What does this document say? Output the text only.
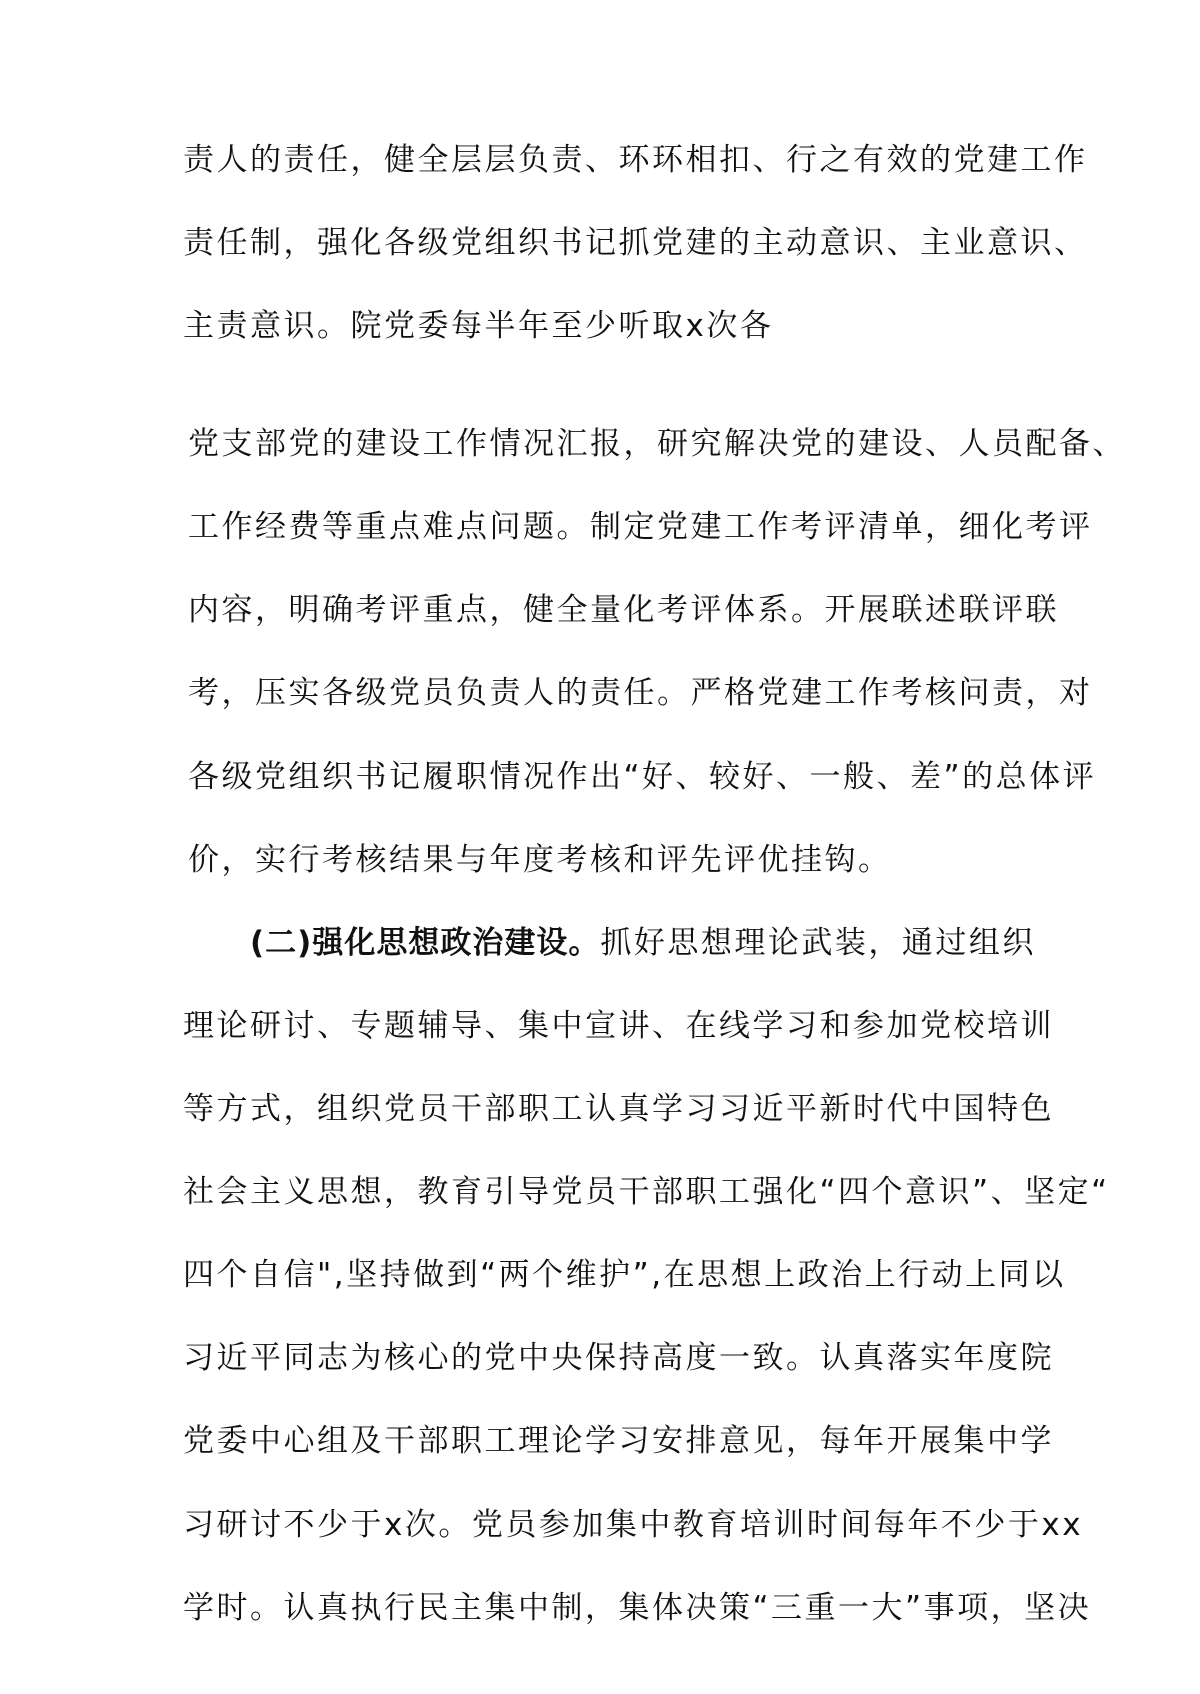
责人的责任，健全层层负责、环环相扣、行之有效的党建工作
责任制，强化各级党组织书记抓党建的主动意识、主业意识、
主责意识。院党委每半年至少听取x次各
党支部党的建设工作情况汇报，研究解决党的建设、人员配备、
工作经费等重点难点问题。制定党建工作考评清单，细化考评
内容，明确考评重点，健全量化考评体系。开展联述联评联
考，压实各级党员负责人的责任。严格党建工作考核问责，对
各级党组织书记履职情况作出“好、较好、一般、差”的总体评
价，实行考核结果与年度考核和评先评优挂钩。
(二)强化思想政治建设。抓好思想理论武装，通过组织
理论研讨、专题辅导、集中宣讲、在线学习和参加党校培训
等方式，组织党员干部职工认真学习习近平新时代中国特色
社会主义思想，教育引导党员干部职工强化“四个意识”、坚定“
四个自信",坚持做到“两个维护”,在思想上政治上行动上同以
习近平同志为核心的党中央保持高度一致。认真落实年度院
党委中心组及干部职工理论学习安排意见，每年开展集中学
习研讨不少于x次。党员参加集中教育培训时间每年不少于xx
学时。认真执行民主集中制，集体决策“三重一大”事项，坚决
